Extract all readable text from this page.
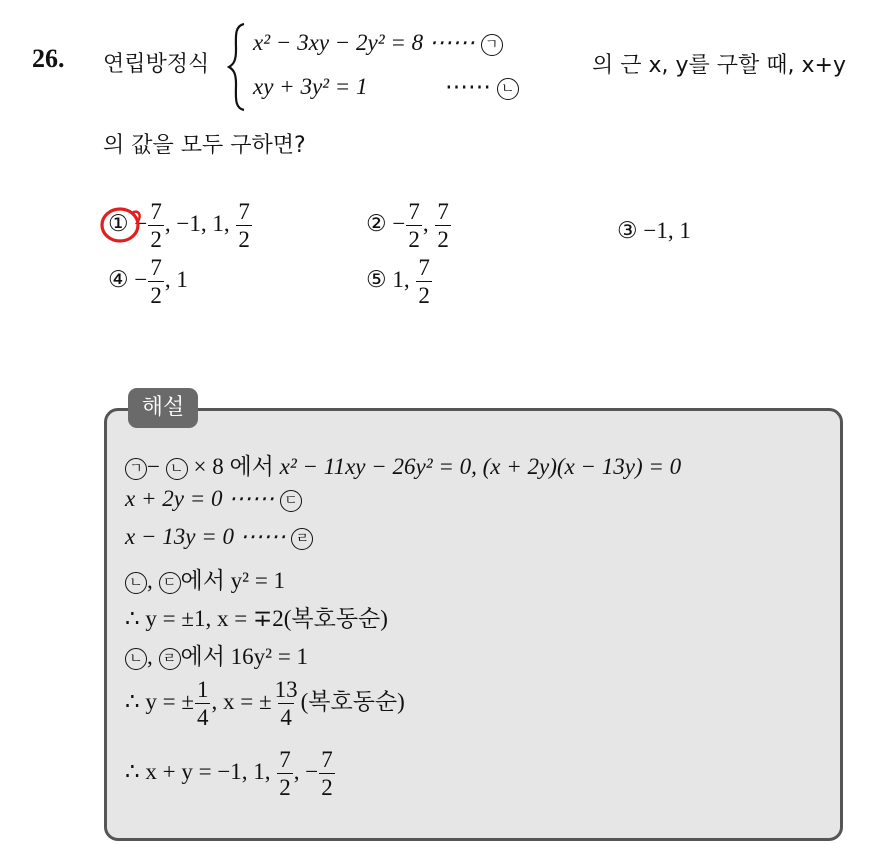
26. 연립방정식
x² − 3xy − 2y² = 8 ⋯⋯ ㄱ
xy + 3y² = 1	⋯⋯ ㄴ
의 근 x, y를 구할 때, x+y
의 값을 모두 구하면?
① − $\frac{7}{2}$ , −1, 1, $\frac{7}{2}$	② − $\frac{7}{2}$ , $\frac{7}{2}$	③ −1, 1
④ − $\frac{7}{2}$ , 1	⑤ 1, $\frac{7}{2}$
해설
ㄱ − ㄴ × 8 에서 x² − 11xy − 26y² = 0, (x + 2y)(x − 13y) = 0
x + 2y = 0 ⋯⋯ ㄷ
x − 13y = 0 ⋯⋯ ㄹ
ㄴ , ㄷ 에서 y² = 1
∴ y = ±1, x = ∓2(복호동순)
ㄴ , ㄹ 에서 16y² = 1
∴ y = ± $\frac{1}{4}$ , x = ± $\frac{13}{4}$ (복호동순)
∴ x + y = −1, 1, $\frac{7}{2}$ , − $\frac{7}{2}$
